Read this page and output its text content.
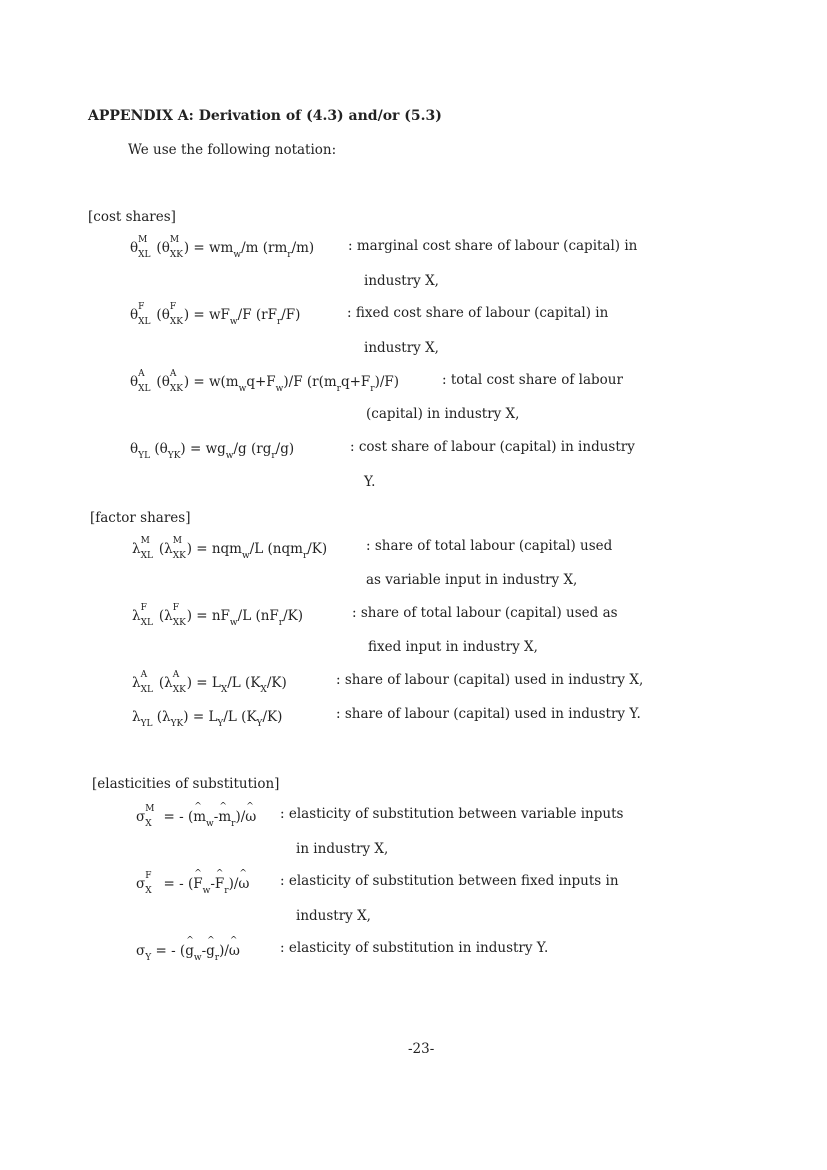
APPENDIX A: Derivation of (4.3) and/or (5.3)
We use the following notation:
[cost shares]
θ M
XL (θ M
XK ) = $wm_w/m$ $(rm_r/m)$	: marginal cost share of labour (capital) in
industry X,
θ F
XL (θ F
XK ) = $wF_w/F$ $(rF_r/F)$	: fixed cost share of labour (capital) in
industry X,
θ A
XL (θ A
XK ) = $w(m_wq+F_w)/F$ $(r(m_rq+F_r)/F)$	: total cost share of labour
(capital) in industry X,
$\theta_{YL}$ $(\theta_{YK}) = wg_w/g$ $(rg_r/g)$	: cost share of labour (capital) in industry
Y.
[factor shares]
λ M
XL (λ M
XK ) = nqm$_w$/L (nqm$_r$/K)	: share of total labour (capital) used
as variable input in industry X,
λ F
XL (λ F
XK ) = $nF_w/L$ $(nF_r/K)$	: share of total labour (capital) used as
fixed input in industry X,
λ A
XL (λ A
XK ) = $L_X/L$ $(K_X/K)$	: share of labour (capital) used in industry X,
$\lambda_{YL}$ $(\lambda_{YK}) = L_Y/L$ $(K_Y/K)$	: share of labour (capital) used in industry Y.
[elasticities of substitution]
σ M
X = - (^ $m_w-\^{}$ $m_r)/\^{}$ ω : elasticity of substitution between variable inputs
in industry X,
σ F
X = - (^ $F_w-\^{}$ $F_r)/\^{}$ ω : elasticity of substitution between fixed inputs in
industry X,
$\sigma_Y$ = - (^ $g_w-\^{}$ $g_r)/\^{}$ ω	: elasticity of substitution in industry Y.
-23-
